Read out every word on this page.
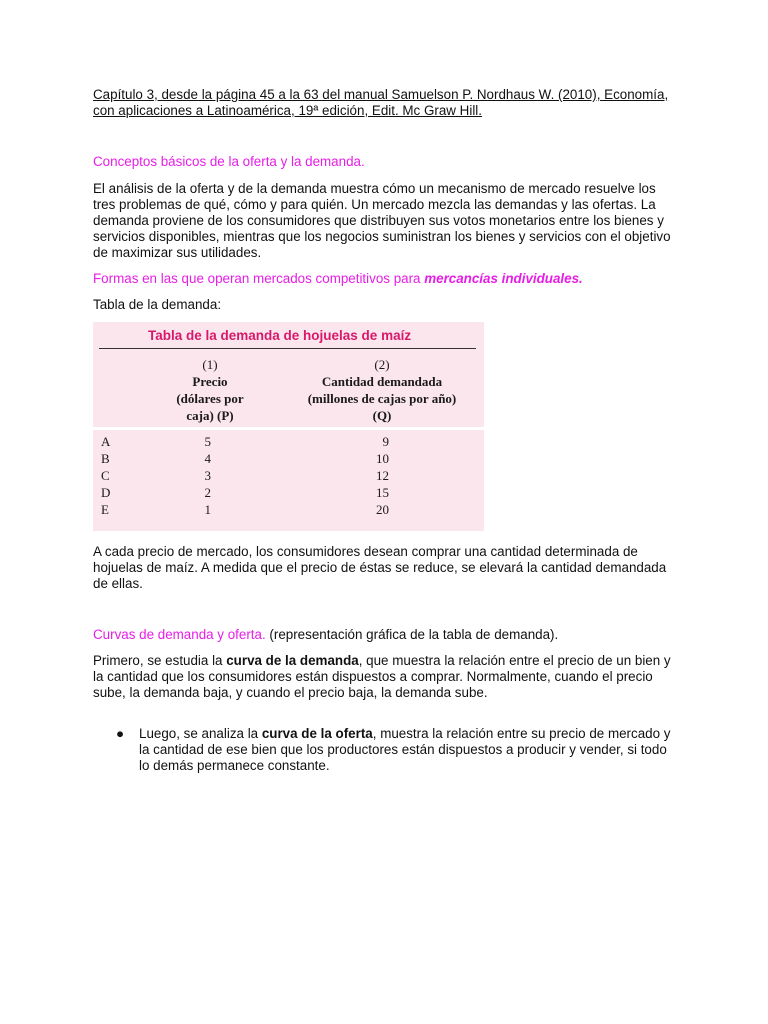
Capítulo 3, desde la página 45 a la 63 del manual Samuelson P. Nordhaus W. (2010), Economía, con aplicaciones a Latinoamérica, 19ª edición, Edit. Mc Graw Hill.
Conceptos básicos de la oferta y la demanda.
El análisis de la oferta y de la demanda muestra cómo un mecanismo de mercado resuelve los tres problemas de qué, cómo y para quién. Un mercado mezcla las demandas y las ofertas. La demanda proviene de los consumidores que distribuyen sus votos monetarios entre los bienes y servicios disponibles, mientras que los negocios suministran los bienes y servicios con el objetivo de maximizar sus utilidades.
Formas en las que operan mercados competitivos para mercancías individuales.
Tabla de la demanda:
Tabla de la demanda de hojuelas de maíz
(1)
Precio
(dólares por
caja) (P)
(2)
Cantidad demandada
(millones de cajas por año)
(Q)
A	5	9
B	4	10
C	3	12
D	2	15
E	1	20
A cada precio de mercado, los consumidores desean comprar una cantidad determinada de hojuelas de maíz. A medida que el precio de éstas se reduce, se elevará la cantidad demandada de ellas.
Curvas de demanda y oferta. (representación gráfica de la tabla de demanda).
Primero, se estudia la curva de la demanda, que muestra la relación entre el precio de un bien y la cantidad que los consumidores están dispuestos a comprar. Normalmente, cuando el precio sube, la demanda baja, y cuando el precio baja, la demanda sube.
● Luego, se analiza la curva de la oferta, muestra la relación entre su precio de mercado y la cantidad de ese bien que los productores están dispuestos a producir y vender, si todo lo demás permanece constante.
